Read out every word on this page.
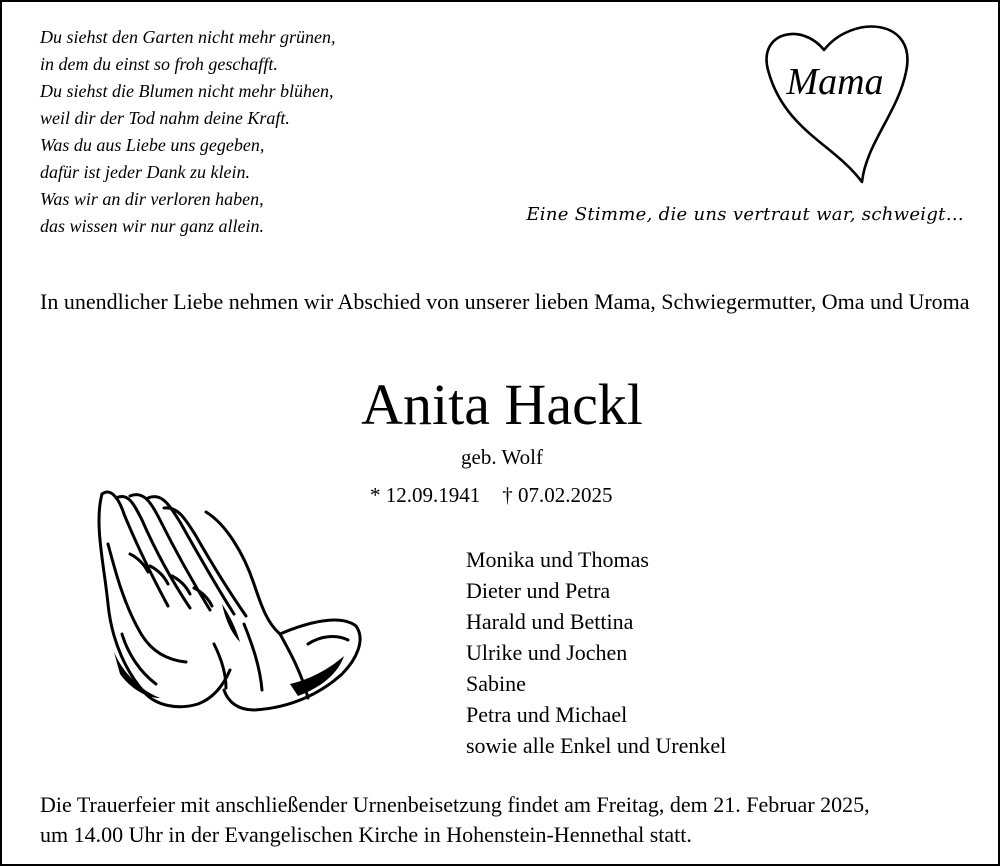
Du siehst den Garten nicht mehr grünen,
in dem du einst so froh geschafft.
Du siehst die Blumen nicht mehr blühen,
weil dir der Tod nahm deine Kraft.
Was du aus Liebe uns gegeben,
dafür ist jeder Dank zu klein.
Was wir an dir verloren haben,
das wissen wir nur ganz allein.
Mama
Eine Stimme, die uns vertraut war, schweigt…
In unendlicher Liebe nehmen wir Abschied von unserer lieben Mama, Schwiegermutter, Oma und Uroma
Anita Hackl
geb. Wolf
* 12.09.1941 † 07.02.2025
Monika und Thomas
Dieter und Petra
Harald und Bettina
Ulrike und Jochen
Sabine
Petra und Michael
sowie alle Enkel und Urenkel
Die Trauerfeier mit anschließender Urnenbeisetzung findet am Freitag, dem 21. Februar 2025,
um 14.00 Uhr in der Evangelischen Kirche in Hohenstein-Hennethal statt.
